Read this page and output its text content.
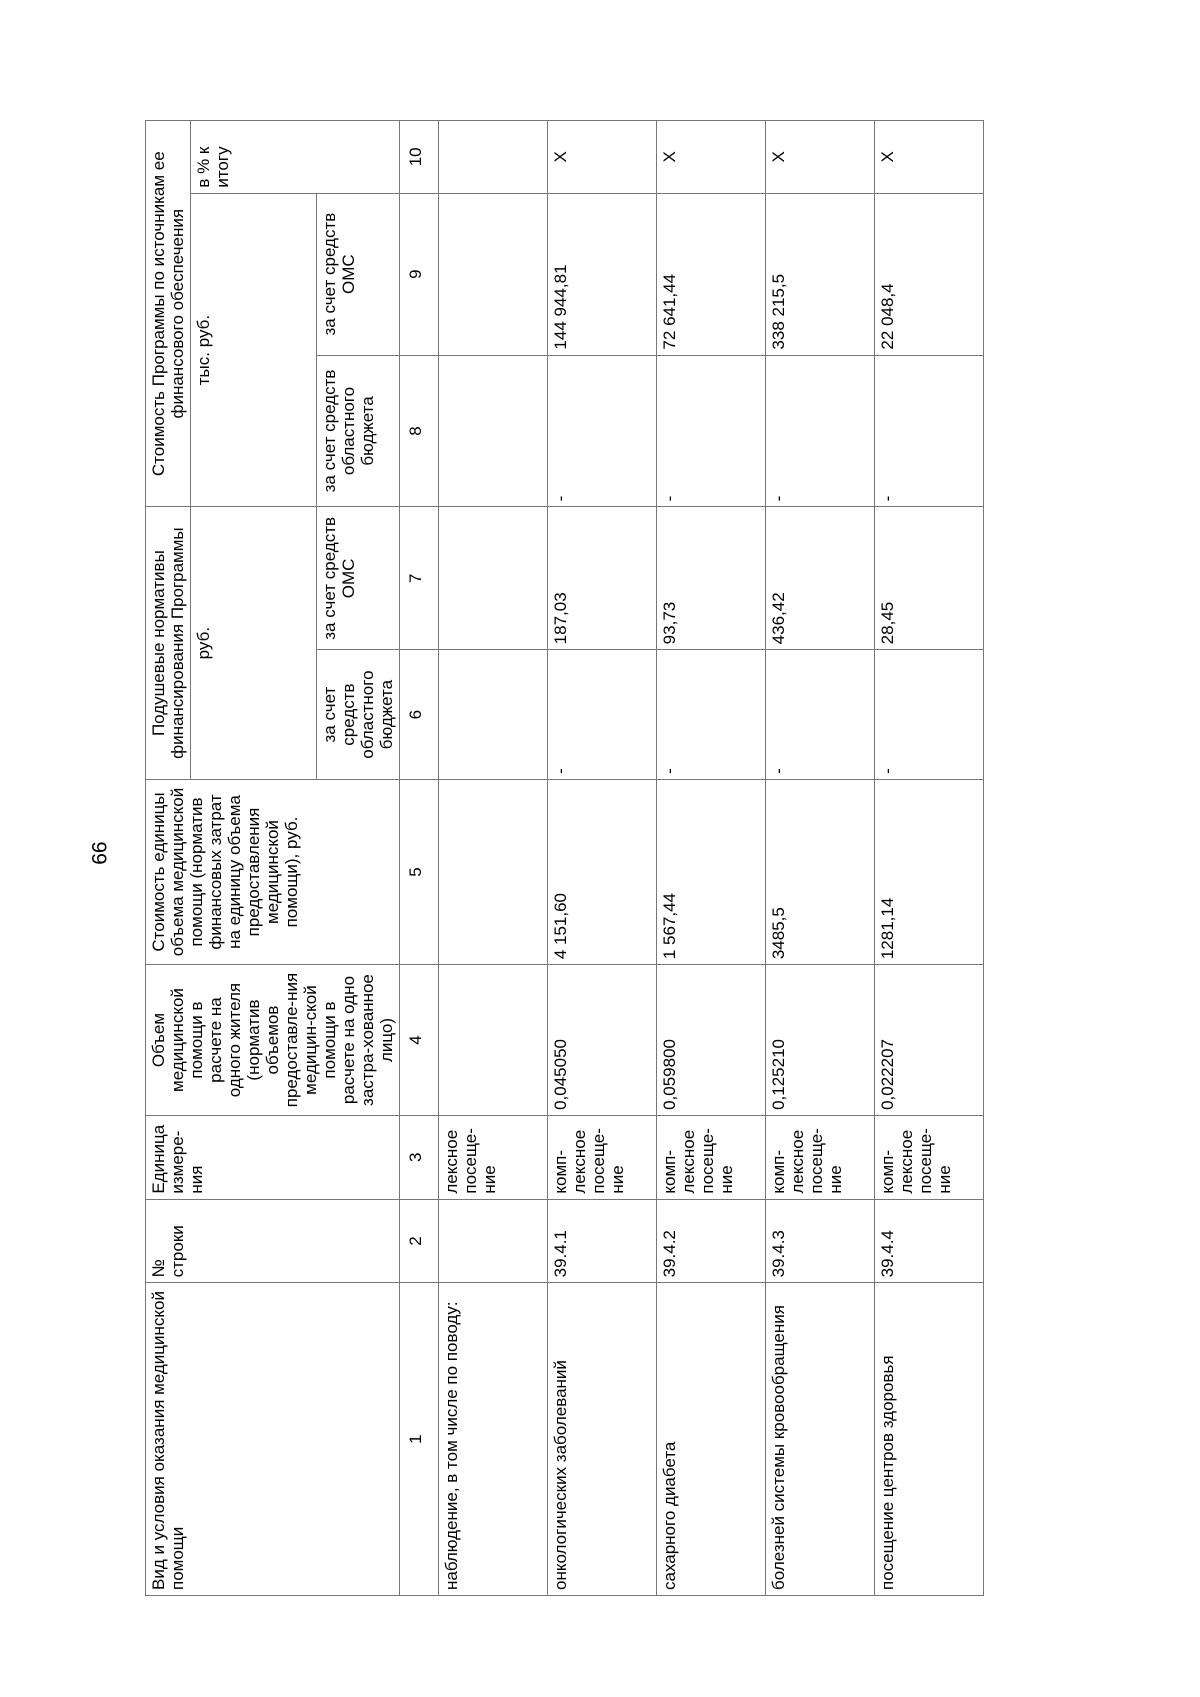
99
Вид и условия оказания медицинской помощи	№ строки	Единица измере-ния	Объем медицинской помощи в расчете на одного жителя (норматив объемов предоставле-ния медицин-ской помощи в расчете на одно застра-хованное лицо)	Стоимость единицы объема медицинской помощи (норматив финансовых затрат на единицу объема предоставления медицинской помощи), руб.	Подушевые нормативы финансирования Программы		Стоимость Программы по источникам ее финансового обеспечения		
					руб.		тыс. руб.		в % к итогу
					за счет средств областного бюджета	за счет средств ОМС	за счет средств областного бюджета	за счет средств ОМС	
1	2	3	4	5	6	7	8	9	10
наблюдение, в том числе по поводу:		лексное посеще-ние							
онкологических заболеваний	39.4.1	комп-лексное посеще-ние	0,045050	4 151,60	-	187,03	-	144 944,81	X
сахарного диабета	39.4.2	комп-лексное посеще-ние	0,059800	1 567,44	-	93,73	-	72 641,44	X
болезней системы кровообращения	39.4.3	комп-лексное посеще-ние	0,125210	3485,5	-	436,42	-	338 215,5	X
посещение центров здоровья	39.4.4	комп-лексное посеще-ние	0,022207	1281,14	-	28,45	-	22 048,4	X
